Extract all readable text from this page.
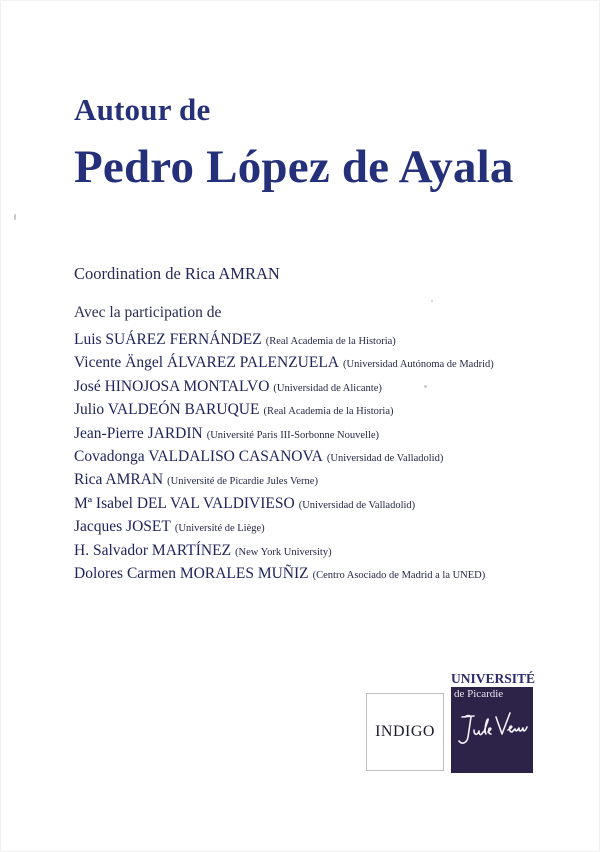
Autour de
Pedro López de Ayala
Coordination de Rica AMRAN
Avec la participation de
Luis SUÁREZ FERNÁNDEZ (Real Academia de la Historia)
Vicente Ängel ÁLVAREZ PALENZUELA (Universidad Autónoma de Madrid)
José HINOJOSA MONTALVO (Universidad de Alicante)
Julio VALDEÓN BARUQUE (Real Academia de la Historia)
Jean-Pierre JARDIN (Université Paris III-Sorbonne Nouvelle)
Covadonga VALDALISO CASANOVA (Universidad de Valladolid)
Rica AMRAN (Université de Picardie Jules Verne)
Mª Isabel DEL VAL VALDIVIESO (Universidad de Valladolid)
Jacques JOSET (Université de Liège)
H. Salvador MARTÍNEZ (New York University)
Dolores Carmen MORALES MUÑIZ (Centro Asociado de Madrid a la UNED)
INDIGO
UNIVERSITÉ
de Picardie
